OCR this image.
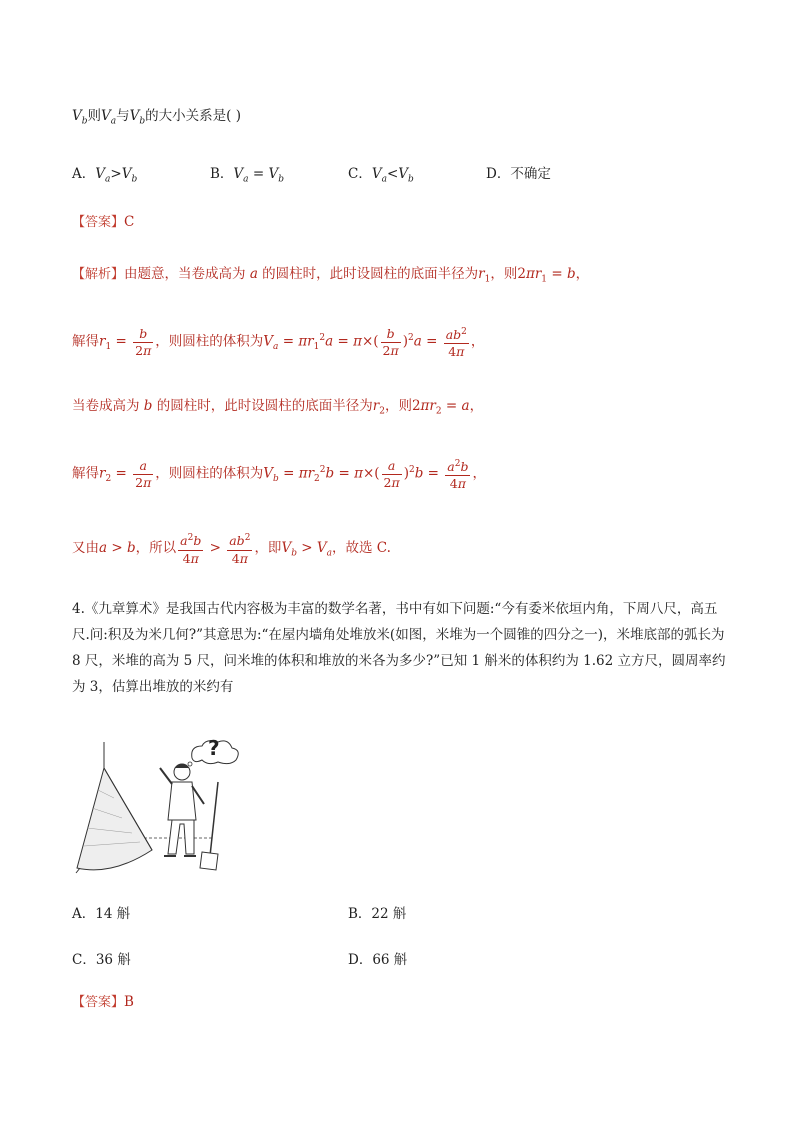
$V_b$则$V_a$与$V_b$的大小关系是( )
A．$V_a>V_b$	B．$V_a = V_b$	C．$V_a<V_b$	D．不确定
【答案】C
【解析】由题意，当卷成高为 a 的圆柱时，此时设圆柱的底面半径为$r_1$，则$2\pi r_1 = b$，
解得$r_1 = \frac{b}{2\pi}$ ，则圆柱的体积为$V_a = \pi r_1^2a = \pi\times( \frac{b}{2\pi} )^2a = \frac{ab^2}{4\pi}$ ，
当卷成高为 b 的圆柱时，此时设圆柱的底面半径为$r_2$，则$2\pi r_2 = a$，
解得$r_2 = \frac{a}{2\pi}$ ，则圆柱的体积为$V_b = \pi r_2^2b = \pi\times( \frac{a}{2\pi} )^2b = \frac{a^2b}{4\pi}$ ，
又由a > b，所以 $\frac{a^2b}{4\pi} > \frac{ab^2}{4\pi}$ ，即$V_b > V_a$，故选 C.
4.《九章算术》是我国古代内容极为丰富的数学名著，书中有如下问题:“今有委米依垣内角，下周八尺，高五尺.问:积及为米几何?”其意思为:“在屋内墙角处堆放米(如图，米堆为一个圆锥的四分之一)，米堆底部的弧长为 8 尺，米堆的高为 5 尺，问米堆的体积和堆放的米各为多少?”已知 1 斛米的体积约为 1.62 立方尺，圆周率约为 3，估算出堆放的米约有
?
A．14 斛	B．22 斛
C．36 斛	D．66 斛
【答案】B
